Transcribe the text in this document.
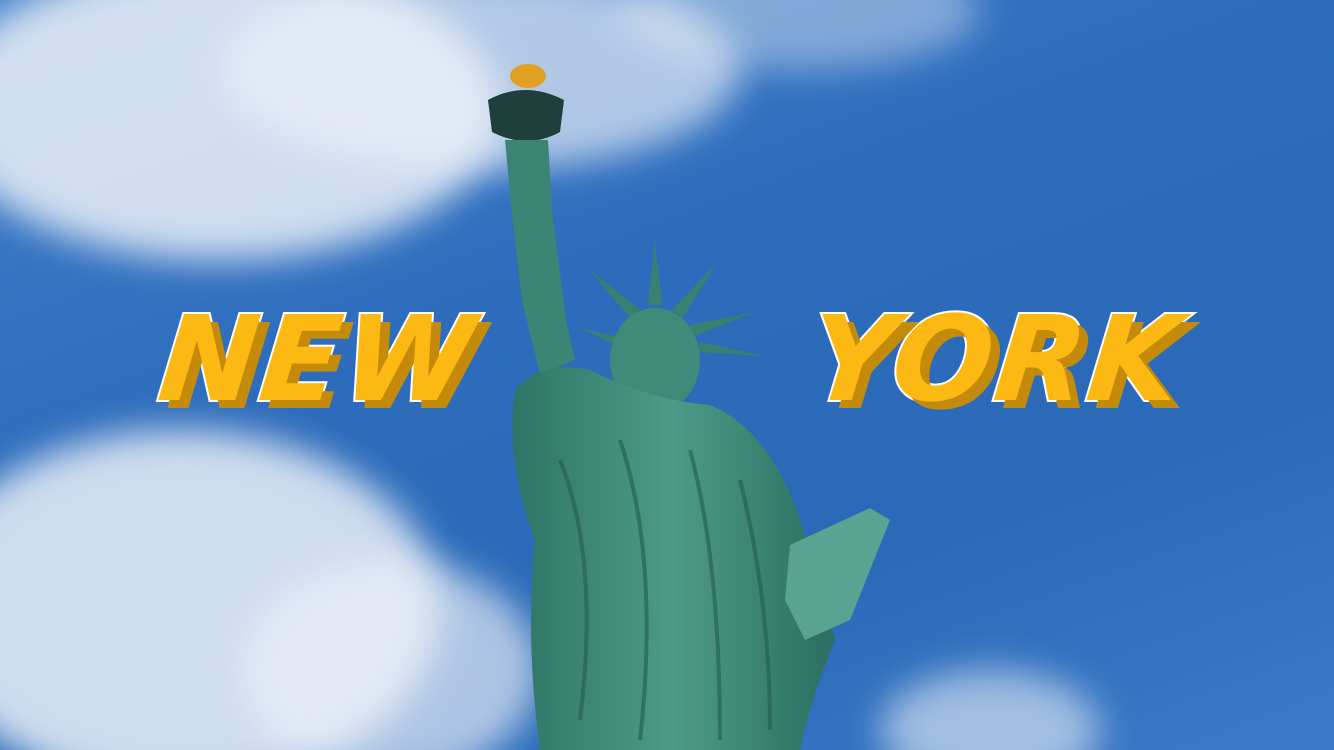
NEW	YORK
